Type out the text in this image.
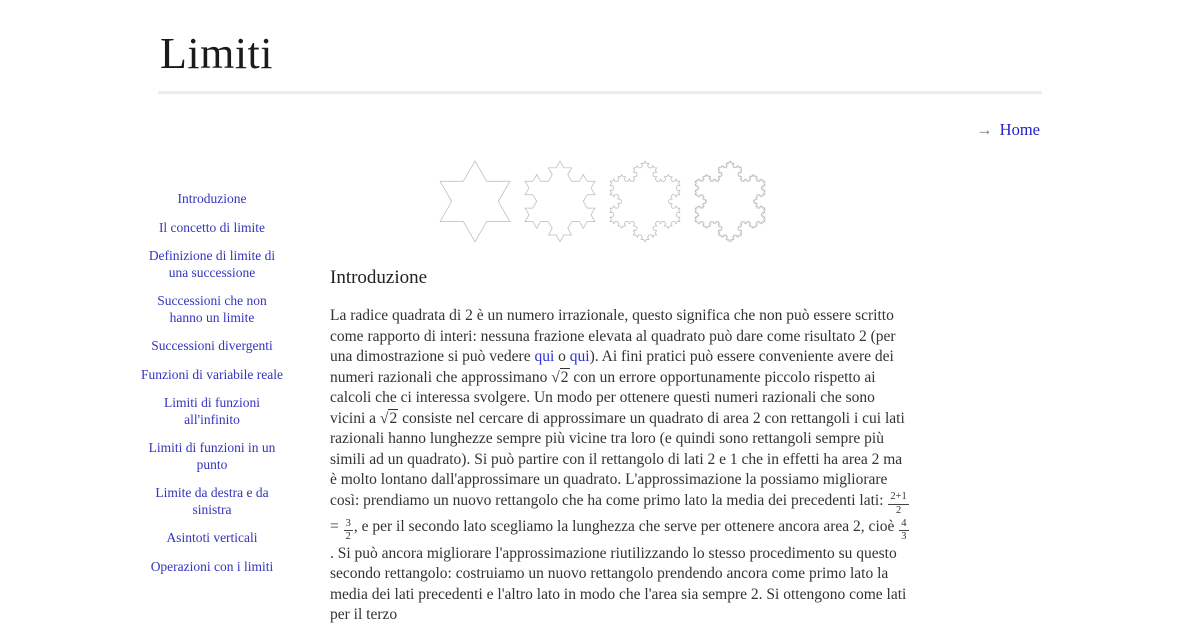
Limiti
→ Home
Introduzione
Il concetto di limite
Definizione di limite di una successione
Successioni che non hanno un limite
Successioni divergenti
Funzioni di variabile reale
Limiti di funzioni all'infinito
Limiti di funzioni in un punto
Limite da destra e da sinistra
Asintoti verticali
Operazioni con i limiti
Introduzione

La radice quadrata di 2 è un numero irrazionale, questo significa che non può essere scritto come rapporto di interi: nessuna frazione elevata al quadrato può dare come risultato 2 (per una dimostrazione si può vedere qui o qui). Ai fini pratici può essere conveniente avere dei numeri razionali che approssimano √2 con un errore opportunamente piccolo rispetto ai calcoli che ci interessa svolgere. Un modo per ottenere questi numeri razionali che sono vicini a √2 consiste nel cercare di approssimare un quadrato di area 2 con rettangoli i cui lati razionali hanno lunghezze sempre più vicine tra loro (e quindi sono rettangoli sempre più simili ad un quadrato). Si può partire con il rettangolo di lati 2 e 1 che in effetti ha area 2 ma è molto lontano dall'approssimare un quadrato. L'approssimazione la possiamo migliorare così: prendiamo un nuovo rettangolo che ha come primo lato la media dei precedenti lati: $\frac{2+1}{2}$
= $\frac{3}{2}$ , e per il secondo lato scegliamo la lunghezza che serve per ottenere ancora area 2, cioè $\frac{4}{3}$
. Si può ancora migliorare l'approssimazione riutilizzando lo stesso procedimento su questo secondo rettangolo: costruiamo un nuovo rettangolo prendendo ancora come primo lato la media dei lati precedenti e l'altro lato in modo che l'area sia sempre 2. Si ottengono come lati per il terzo
